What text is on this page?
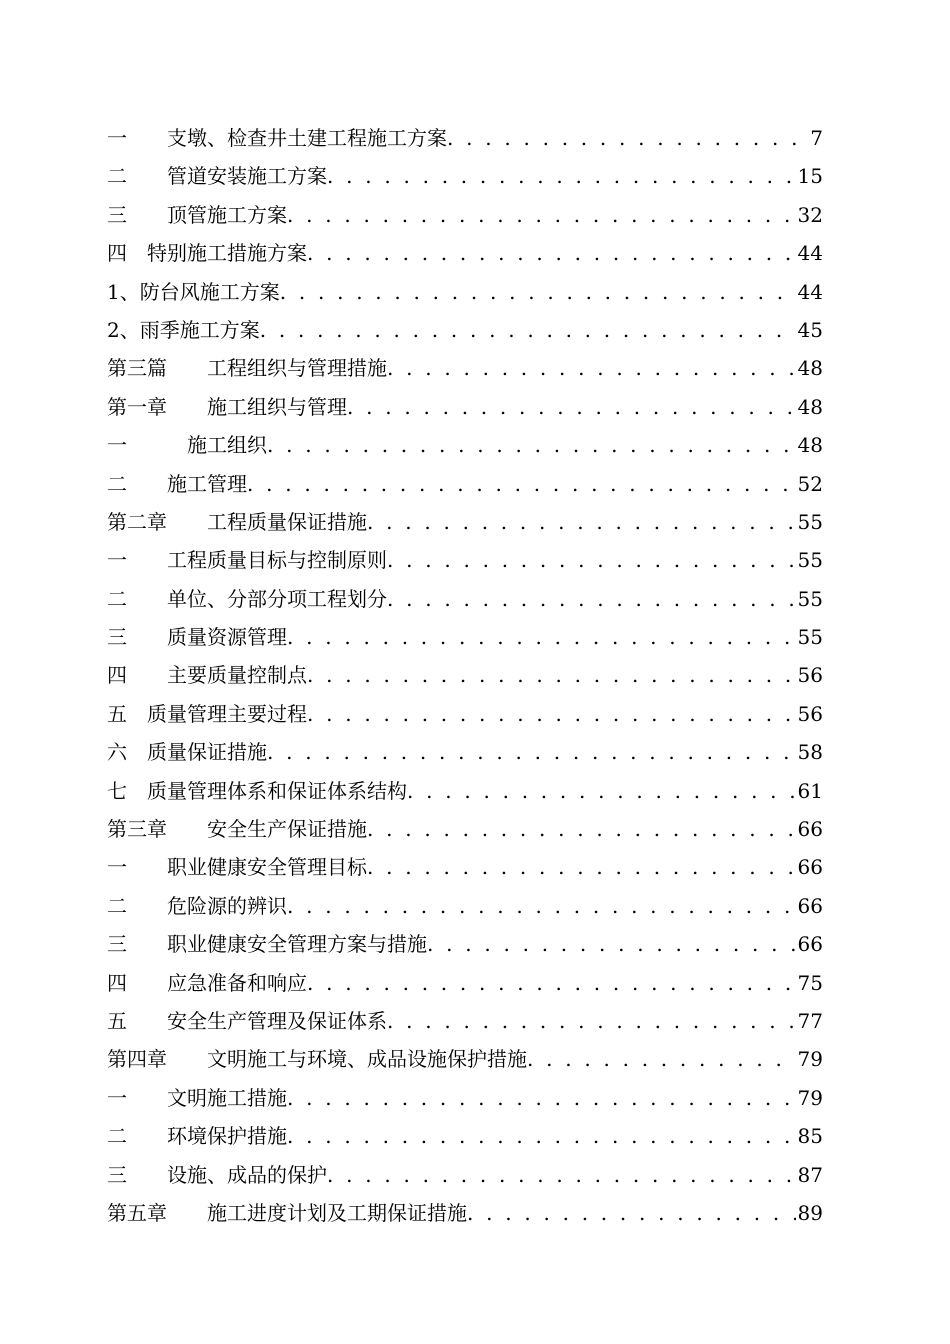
一　　支墩、检查井土建工程施工方案 . . .	7
二　　管道安装施工方案 . . .	15
三　　顶管施工方案 . . .	32
四　特别施工措施方案 . . .	44
1、防台风施工方案 . . .	44
2、雨季施工方案 . . .	45
第三篇　　工程组织与管理措施 . . .	48
第一章　　施工组织与管理 . . .	48
一　　　施工组织 . . .	48
二　　施工管理 . . .	52
第二章　　工程质量保证措施 . . .	55
一　　工程质量目标与控制原则 . . .	55
二　　单位、分部分项工程划分 . . .	55
三　　质量资源管理 . . .	55
四　　主要质量控制点 . . .	56
五　质量管理主要过程 . . .	56
六　质量保证措施 . . .	58
七　质量管理体系和保证体系结构 . . .	61
第三章　　安全生产保证措施 . . .	66
一　　职业健康安全管理目标 . . .	66
二　　危险源的辨识 . . .	66
三　　职业健康安全管理方案与措施 . . .	66
四　　应急准备和响应 . . .	75
五　　安全生产管理及保证体系 . . .	77
第四章　　文明施工与环境、成品设施保护措施 . . .	79
一　　文明施工措施 . . .	79
二　　环境保护措施 . . .	85
三　　设施、成品的保护 . . .	87
第五章　　施工进度计划及工期保证措施 . . .	89
